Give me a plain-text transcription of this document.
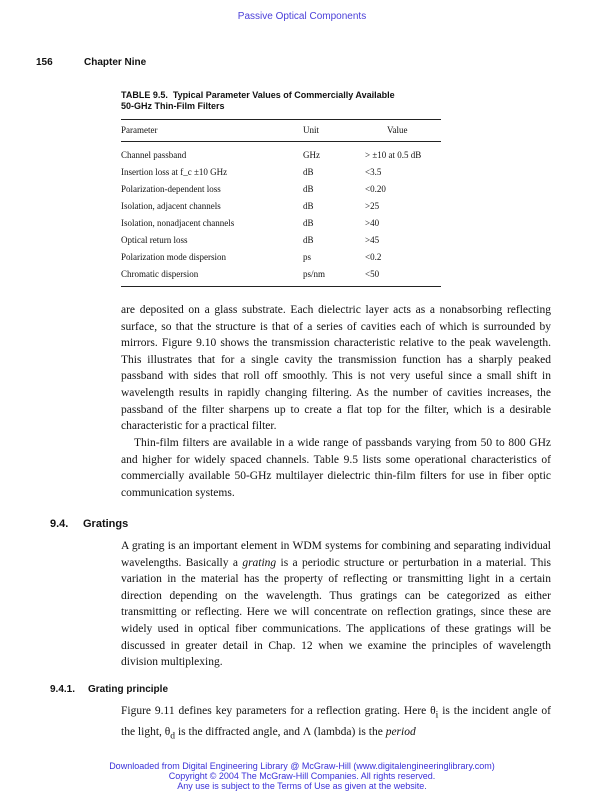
Passive Optical Components
156	Chapter Nine
TABLE 9.5. Typical Parameter Values of Commercially Available
50-GHz Thin-Film Filters
Parameter	Unit	Value
Channel passband	GHz	> ±10 at 0.5 dB
Insertion loss at f_c ±10 GHz	dB	<3.5
Polarization-dependent loss	dB	<0.20
Isolation, adjacent channels	dB	>25
Isolation, nonadjacent channels	dB	>40
Optical return loss	dB	>45
Polarization mode dispersion	ps	<0.2
Chromatic dispersion	ps/nm	<50

are deposited on a glass substrate. Each dielectric layer acts as a nonabsorbing reflecting surface, so that the structure is that of a series of cavities each of which is surrounded by mirrors. Figure 9.10 shows the transmission characteristic relative to the peak wavelength. This illustrates that for a single cavity the transmission function has a sharply peaked passband with sides that roll off smoothly. This is not very useful since a small shift in wavelength results in rapidly changing filtering. As the number of cavities increases, the passband of the filter sharpens up to create a flat top for the filter, which is a desirable characteristic for a practical filter.

Thin-film filters are available in a wide range of passbands varying from 50 to 800 GHz and higher for widely spaced channels. Table 9.5 lists some operational characteristics of commercially available 50-GHz multilayer dielectric thin-film filters for use in fiber optic communication systems.

9.4. Gratings

A grating is an important element in WDM systems for combining and separating individual wavelengths. Basically a grating is a periodic structure or perturbation in a material. This variation in the material has the property of reflecting or transmitting light in a certain direction depending on the wavelength. Thus gratings can be categorized as either transmitting or reflecting. Here we will concentrate on reflection gratings, since these are widely used in optical fiber communications. The applications of these gratings will be discussed in greater detail in Chap. 12 when we examine the principles of wavelength division multiplexing.

9.4.1. Grating principle

Figure 9.11 defines key parameters for a reflection grating. Here $\theta_i$ is the incident angle of the light, $\theta_d$ is the diffracted angle, and Λ (lambda) is the period

Downloaded from Digital Engineering Library @ McGraw-Hill (www.digitalengineeringlibrary.com)
Copyright © 2004 The McGraw-Hill Companies. All rights reserved.
Any use is subject to the Terms of Use as given at the website.
